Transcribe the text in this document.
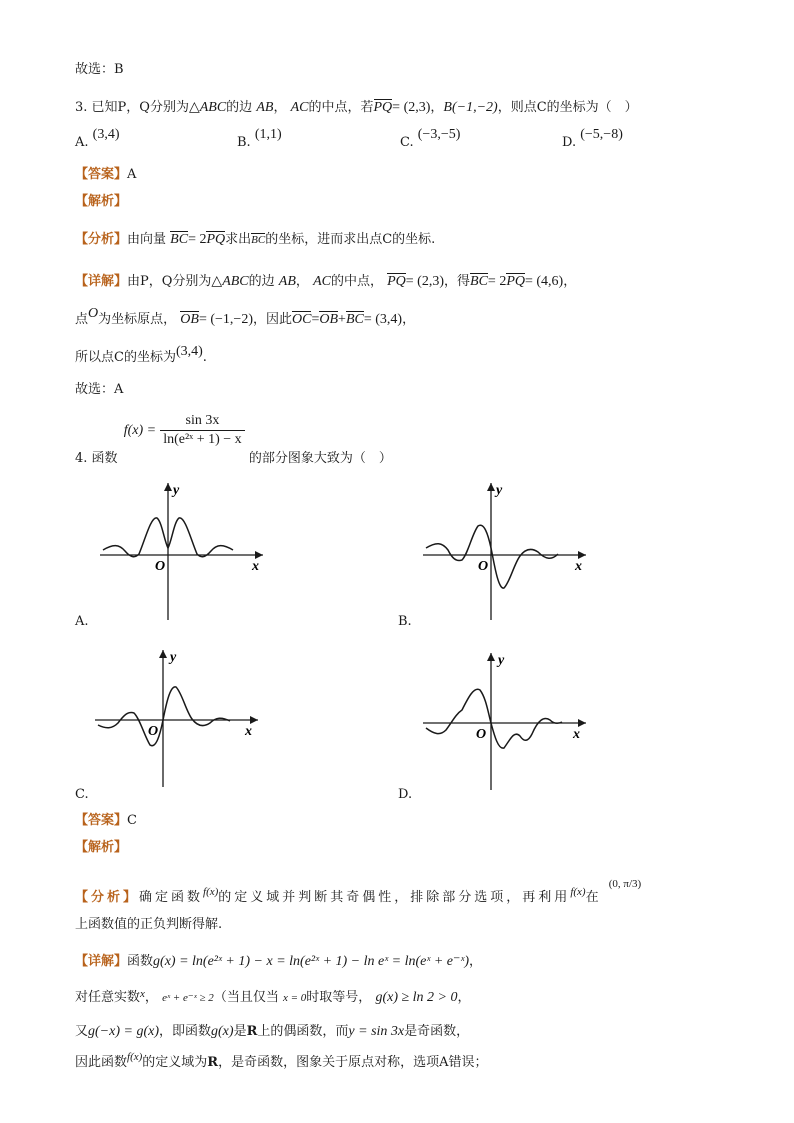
故选：B
3. 已知P，Q分别为△ABC的边 AB， AC的中点，若PQ= (2,3)，B(−1,−2)，则点C的坐标为（　）
A. (3,4)
B. (1,1)
C. (−3,−5)
D. (−5,−8)
【答案】A
【解析】
【分析】由向量 BC= 2PQ求出BC的坐标，进而求出点C的坐标.
【详解】由P，Q分别为△ABC的边 AB， AC的中点， PQ= (2,3)，得BC= 2PQ= (4,6)，
点O为坐标原点， OB= (−1,−2)，因此OC=OB+BC= (3,4)，
所以点C的坐标为(3,4).
故选：A
4. 函数 $f(x) = \frac{\sin 3x}{\text{ln(e²ˣ + 1) − x}}$
的部分图象大致为（　）
y
x
O
A.
y
x
O
B.
y
x
O
C.
y
x
O
D.
【答案】C
【解析】
【分析】确定函数$^{f(x)}$的定义域并判断其奇偶性，排除部分选项，再利用$^{f(x)}$在 $^{(0, \pi/3)}$
上函数值的正负判断得解.
【详解】函数g(x) = ln(e²ˣ + 1) − x = ln(e²ˣ + 1) − ln eˣ = ln(eˣ + e⁻ˣ)，
对任意实数$^x$， eˣ + e⁻ˣ ≥ 2（当且仅当 x = 0时取等号， g(x) ≥ ln 2 > 0，
又g(−x) = g(x)，即函数g(x)是R上的偶函数，而y = sin 3x是奇函数，
因此函数$^{f(x)}$的定义域为R，是奇函数，图象关于原点对称，选项A错误；
